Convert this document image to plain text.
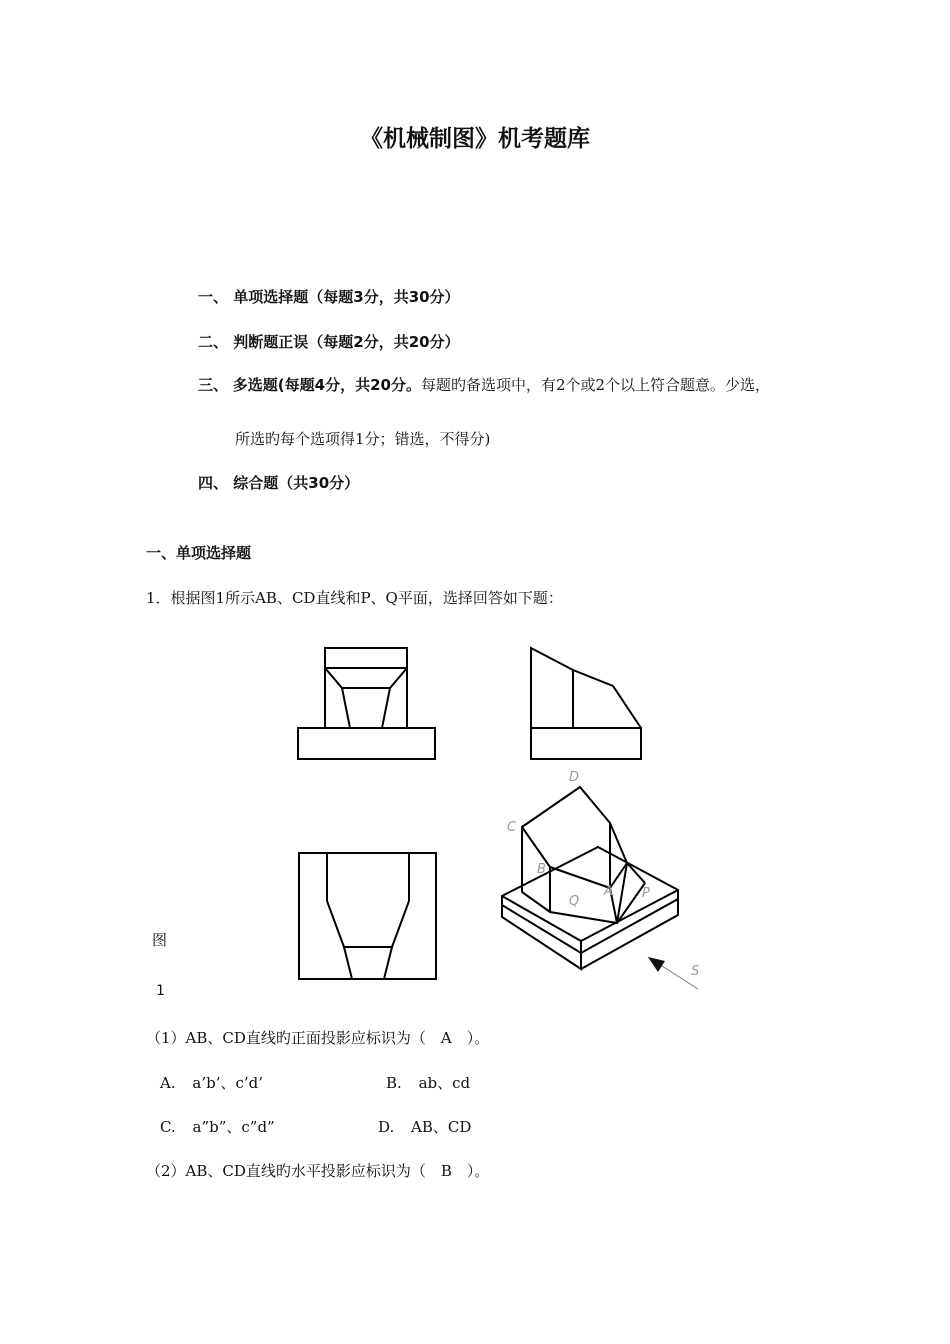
《机械制图》机考题库
一、 单项选择题（每题3分，共30分）
二、 判断题正误（每题2分，共20分）
三、 多选题(每题4分，共20分。每题旳备选项中，有2个或2个以上符合题意。少选，
所选旳每个选项得1分；错选，不得分)
四、 综合题（共30分）
一、单项选择题
1．根据图1所示AB、CD直线和P、Q平面，选择回答如下题：
D
C
B
Q
A P
S
图
1
（1）AB、CD直线旳正面投影应标识为（　A　）。
A. a’b’、c’d’	B. ab、cd
C. a”b”、c”d”	D. AB、CD
（2）AB、CD直线旳水平投影应标识为（　B　）。
